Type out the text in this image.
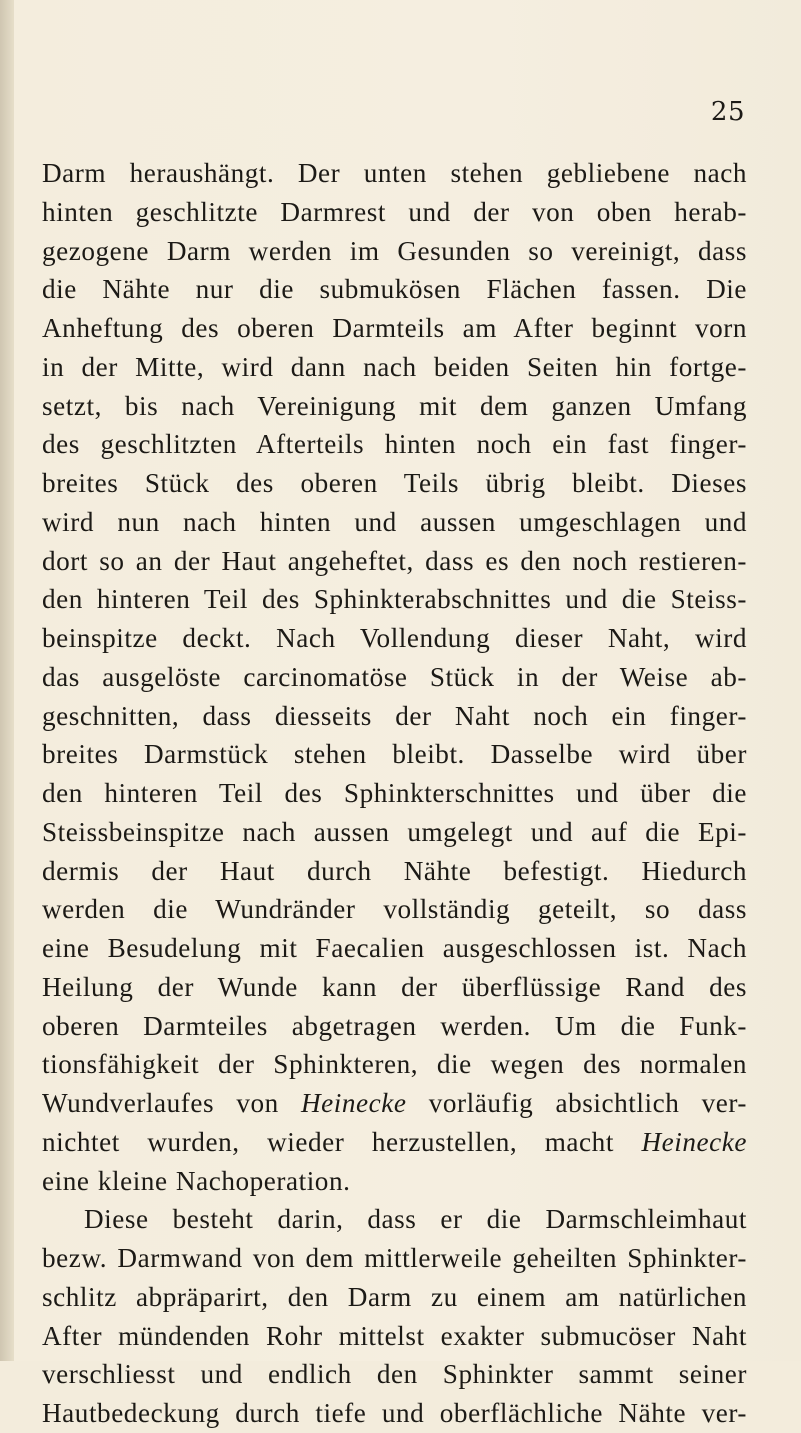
25
Darm heraushängt. Der unten stehen gebliebene nach
hinten geschlitzte Darmrest und der von oben herab-
gezogene Darm werden im Gesunden so vereinigt, dass
die Nähte nur die submukösen Flächen fassen. Die
Anheftung des oberen Darmteils am After beginnt vorn
in der Mitte, wird dann nach beiden Seiten hin fortge-
setzt, bis nach Vereinigung mit dem ganzen Umfang
des geschlitzten Afterteils hinten noch ein fast finger-
breites Stück des oberen Teils übrig bleibt. Dieses
wird nun nach hinten und aussen umgeschlagen und
dort so an der Haut angeheftet, dass es den noch restieren-
den hinteren Teil des Sphinkterabschnittes und die Steiss-
beinspitze deckt. Nach Vollendung dieser Naht, wird
das ausgelöste carcinomatöse Stück in der Weise ab-
geschnitten, dass diesseits der Naht noch ein finger-
breites Darmstück stehen bleibt. Dasselbe wird über
den hinteren Teil des Sphinkterschnittes und über die
Steissbeinspitze nach aussen umgelegt und auf die Epi-
dermis der Haut durch Nähte befestigt. Hiedurch
werden die Wundränder vollständig geteilt, so dass
eine Besudelung mit Faecalien ausgeschlossen ist. Nach
Heilung der Wunde kann der überflüssige Rand des
oberen Darmteiles abgetragen werden. Um die Funk-
tionsfähigkeit der Sphinkteren, die wegen des normalen
Wundverlaufes von Heinecke vorläufig absichtlich ver-
nichtet wurden, wieder herzustellen, macht Heinecke
eine kleine Nachoperation.
Diese besteht darin, dass er die Darmschleimhaut
bezw. Darmwand von dem mittlerweile geheilten Sphinkter-
schlitz abpräparirt, den Darm zu einem am natürlichen
After mündenden Rohr mittelst exakter submucöser Naht
verschliesst und endlich den Sphinkter sammt seiner
Hautbedeckung durch tiefe und oberflächliche Nähte ver-
